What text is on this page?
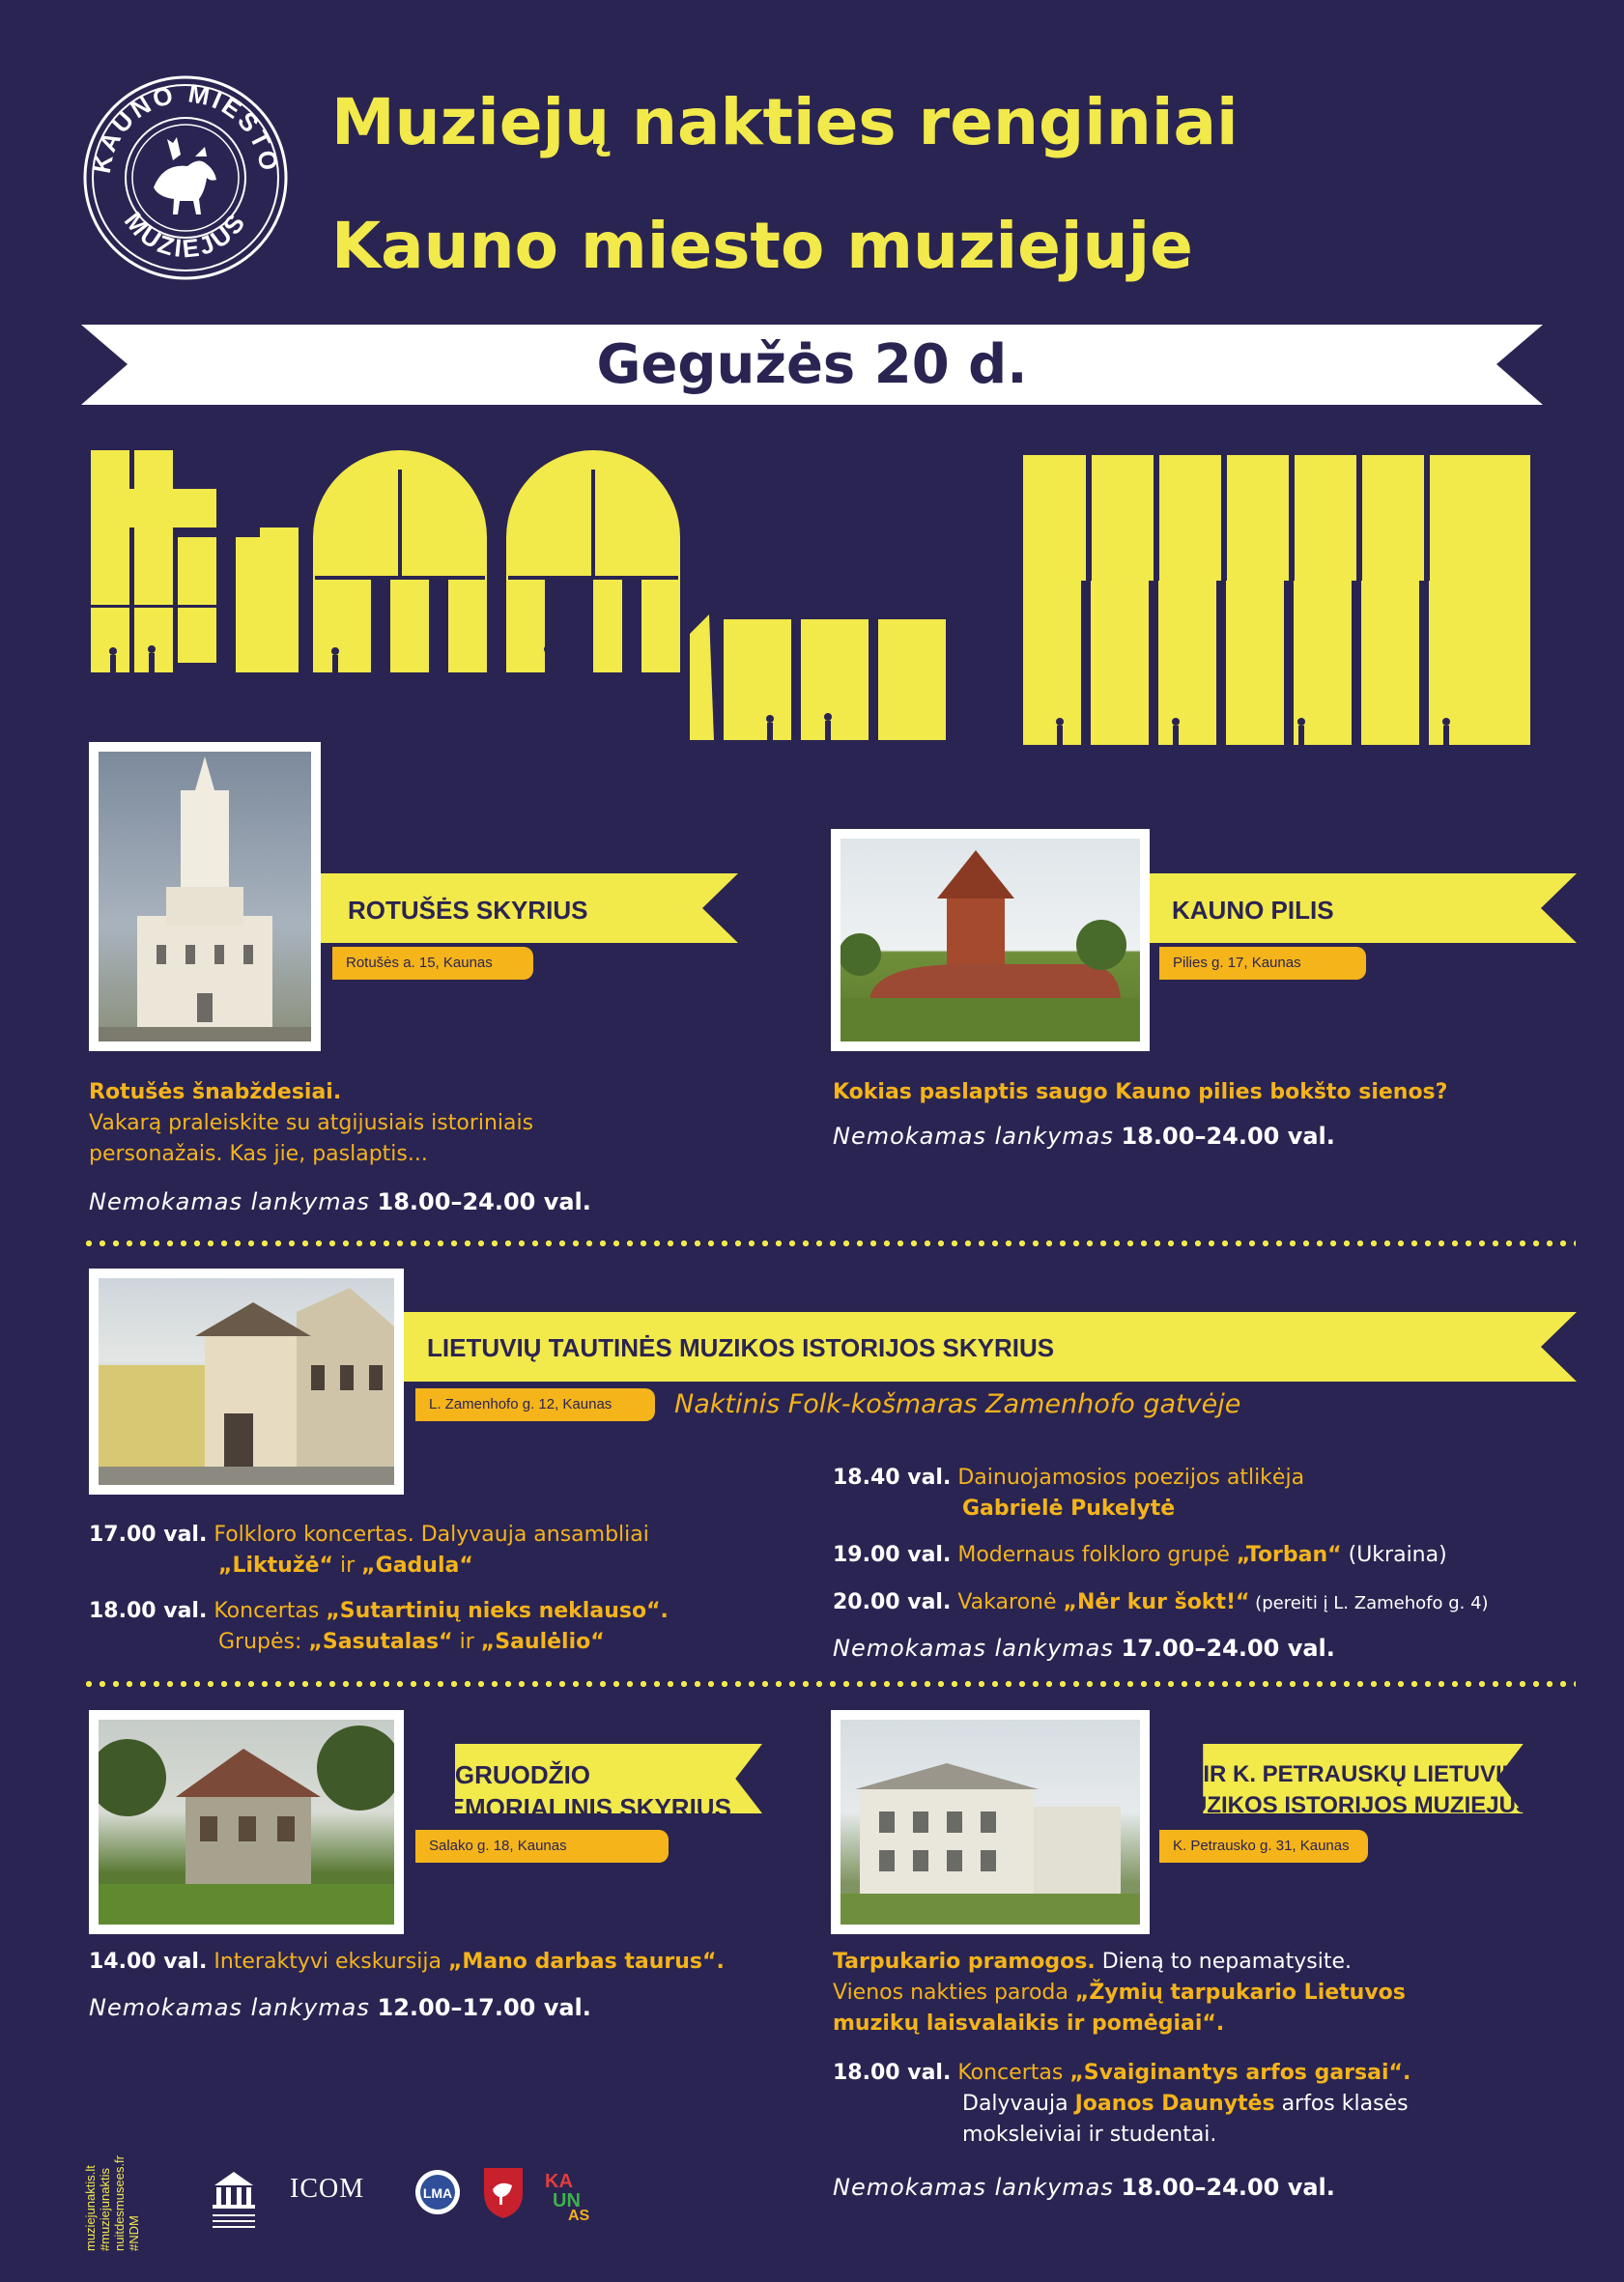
KAUNO MIESTO
MUZIEJUS
Muziejų nakties renginiai
Kauno miesto muziejuje
Gegužės 20 d.
ROTUŠĖS SKYRIUS
Rotušės a. 15, Kaunas
Rotušės šnabždesiai.
Vakarą praleiskite su atgijusiais istoriniais
personažais. Kas jie, paslaptis...
Nemokamas lankymas 18.00–24.00 val.
KAUNO PILIS
Pilies g. 17, Kaunas
Kokias paslaptis saugo Kauno pilies bokšto sienos?
Nemokamas lankymas 18.00–24.00 val.
LIETUVIŲ TAUTINĖS MUZIKOS ISTORIJOS SKYRIUS
L. Zamenhofo g. 12, Kaunas	Naktinis Folk-košmaras Zamenhofo gatvėje
17.00 val. Folkloro koncertas. Dalyvauja ansambliai
„Liktužė“ ir „Gadula“
18.00 val. Koncertas „Sutartinių nieks neklauso“.
Grupės: „Sasutalas“ ir „Saulėlio“
18.40 val. Dainuojamosios poezijos atlikėja
Gabrielė Pukelytė
19.00 val. Modernaus folkloro grupė „Torban“ (Ukraina)
20.00 val. Vakaronė „Nėr kur šokt!“ (pereiti į L. Zamehofo g. 4)
Nemokamas lankymas 17.00–24.00 val.
J. GRUODŽIO
MEMORIALINIS SKYRIUS
Salako g. 18, Kaunas
14.00 val. Interaktyvi ekskursija „Mano darbas taurus“.
Nemokamas lankymas 12.00–17.00 val.
M. IR K. PETRAUSKŲ LIETUVIŲ
MUZIKOS ISTORIJOS MUZIEJUS
K. Petrausko g. 31, Kaunas
Tarpukario pramogos. Dieną to nepamatysite.
Vienos nakties paroda „Žymių tarpukario Lietuvos
muzikų laisvalaikis ir pomėgiai“.
18.00 val. Koncertas „Svaiginantys arfos garsai“.
Dalyvauja Joanos Daunytės arfos klasės
moksleiviai ir studentai.
Nemokamas lankymas 18.00–24.00 val.
muziejunaktis.lt #muziejunaktis nuitdesmusees.fr #NDM
ICOM	LMA
KA
UN
AS
